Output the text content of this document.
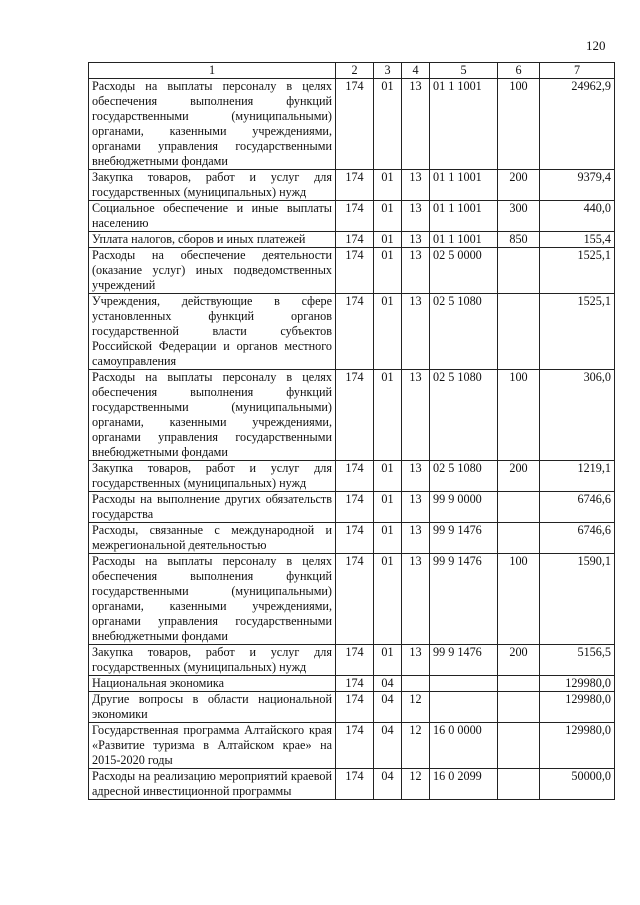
120
1	2	3	4	5	6	7
Расходы на выплаты персоналу в целях обеспечения выполнения функций государственными (муниципальными) органами, казенными учреждениями, органами управления государственными внебюджетными фондами	174	01	13	01 1 1001	100	24962,9
Закупка товаров, работ и услуг для государственных (муниципальных) нужд	174	01	13	01 1 1001	200	9379,4
Социальное обеспечение и иные выплаты населению	174	01	13	01 1 1001	300	440,0
Уплата налогов, сборов и иных платежей	174	01	13	01 1 1001	850	155,4
Расходы на обеспечение деятельности (оказание услуг) иных подведомственных учреждений	174	01	13	02 5 0000		1525,1
Учреждения, действующие в сфере установленных функций органов государственной власти субъектов Российской Федерации и органов местного самоуправления	174	01	13	02 5 1080		1525,1
Расходы на выплаты персоналу в целях обеспечения выполнения функций государственными (муниципальными) органами, казенными учреждениями, органами управления государственными внебюджетными фондами	174	01	13	02 5 1080	100	306,0
Закупка товаров, работ и услуг для государственных (муниципальных) нужд	174	01	13	02 5 1080	200	1219,1
Расходы на выполнение других обязательств государства	174	01	13	99 9 0000		6746,6
Расходы, связанные с международной и межрегиональной деятельностью	174	01	13	99 9 1476		6746,6
Расходы на выплаты персоналу в целях обеспечения выполнения функций государственными (муниципальными) органами, казенными учреждениями, органами управления государственными внебюджетными фондами	174	01	13	99 9 1476	100	1590,1
Закупка товаров, работ и услуг для государственных (муниципальных) нужд	174	01	13	99 9 1476	200	5156,5
Национальная экономика	174	04				129980,0
Другие вопросы в области национальной экономики	174	04	12			129980,0
Государственная программа Алтайского края «Развитие туризма в Алтайском крае» на 2015-2020 годы	174	04	12	16 0 0000		129980,0
Расходы на реализацию мероприятий краевой адресной инвестиционной программы	174	04	12	16 0 2099		50000,0
